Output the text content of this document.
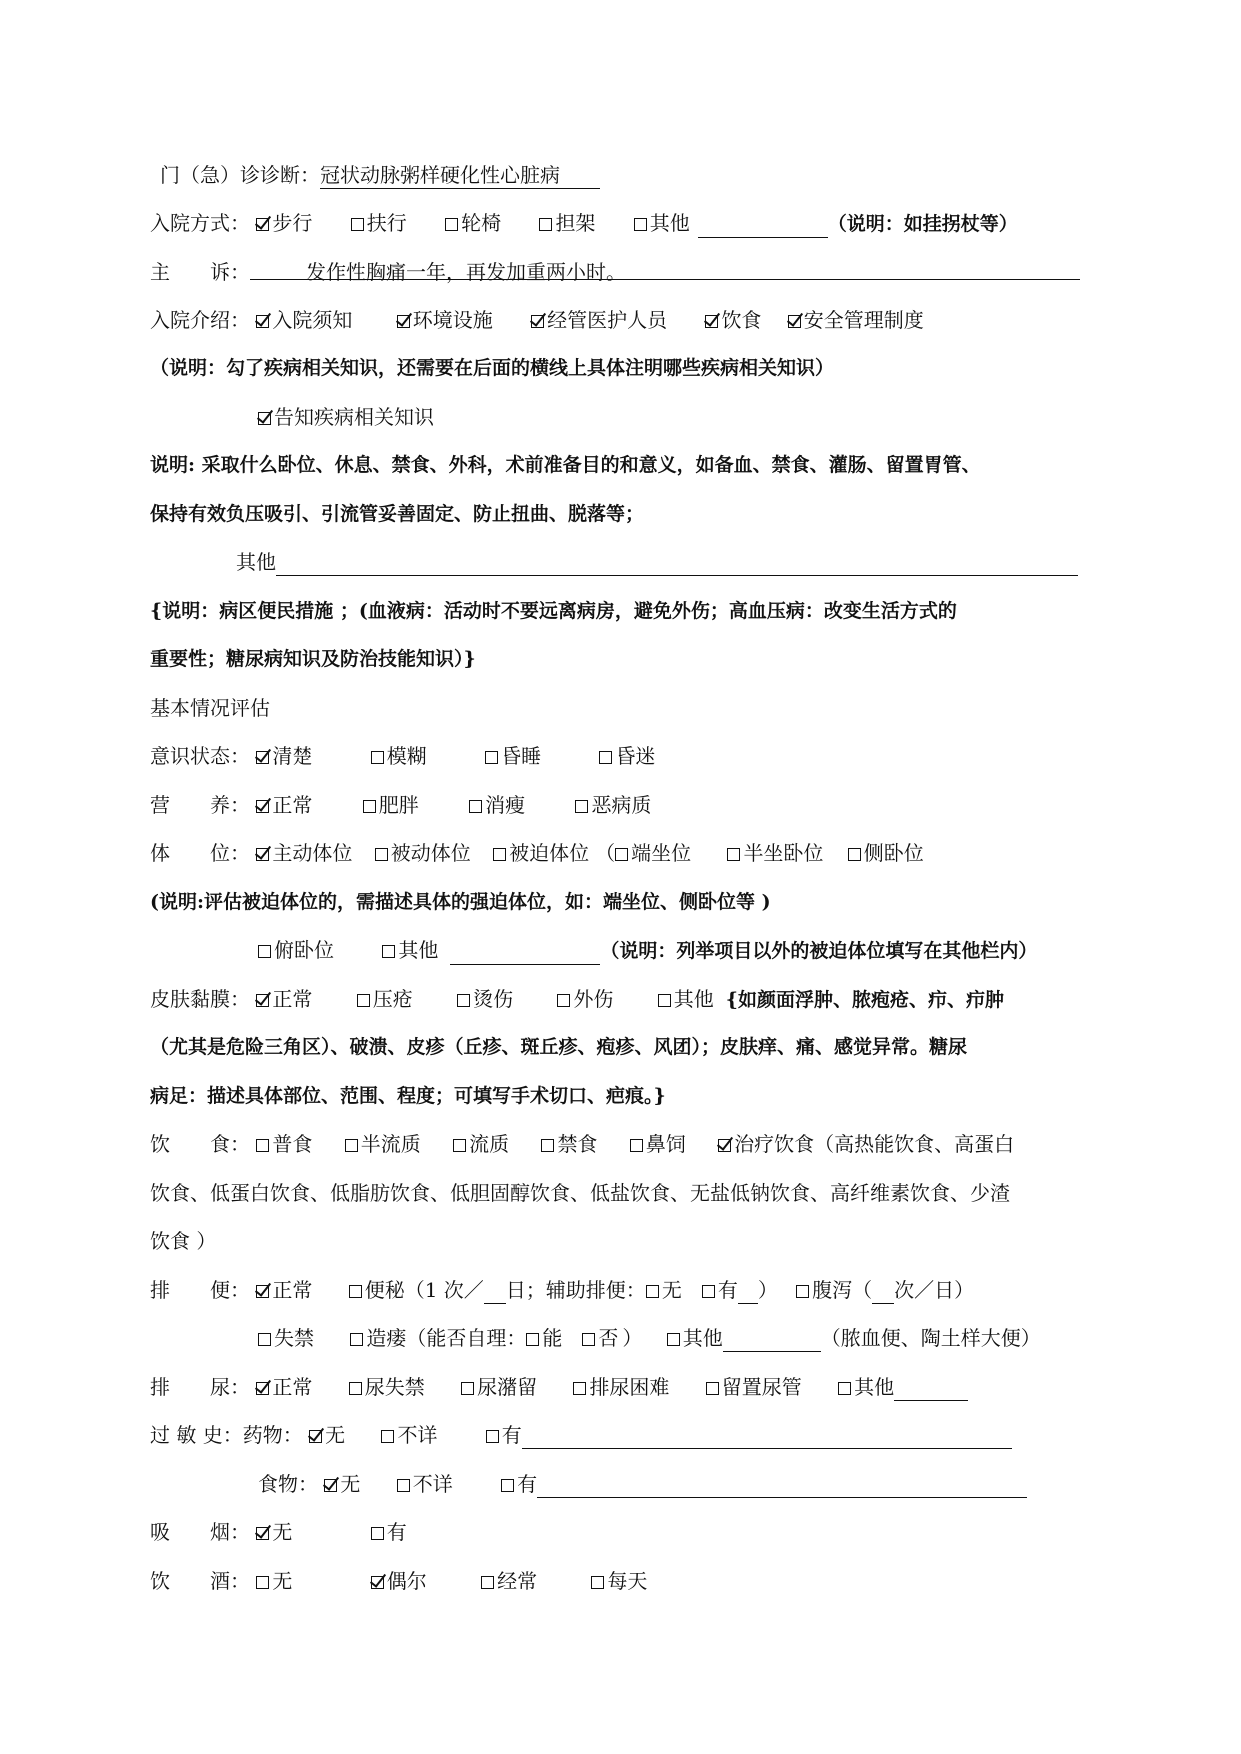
门（急）诊诊断：冠状动脉粥样硬化性心脏病
入院方式： 步行	扶行	轮椅	担架	其他	（说明：如挂拐杖等）
主　　诉：	发作性胸痛一年，再发加重两小时。
入院介绍： 入院须知	环境设施	经管医护人员	饮食 安全管理制度
（说明：勾了疾病相关知识，还需要在后面的横线上具体注明哪些疾病相关知识）
告知疾病相关知识
说明: 采取什么卧位、休息、禁食、外科，术前准备目的和意义，如备血、禁食、灌肠、留置胃管、
保持有效负压吸引、引流管妥善固定、防止扭曲、脱落等；
其他
{说明：病区便民措施 ；(血液病：活动时不要远离病房，避免外伤；高血压病：改变生活方式的
重要性；糖尿病知识及防治技能知识）}
基本情况评估
意识状态： 清楚	模糊	昏睡	昏迷
营　　养： 正常	肥胖	消瘦	恶病质
体　　位： 主动体位 被动体位 被迫体位 （ 端坐位	半坐卧位 侧卧位
(说明:评估被迫体位的，需描述具体的强迫体位，如：端坐位、侧卧位等 )
俯卧位	其他	（说明：列举项目以外的被迫体位填写在其他栏内）
皮肤黏膜： 正常	压疮	烫伤	外伤	其他 {如颜面浮肿、脓疱疮、疖、疖肿
（尤其是危险三角区）、破溃、皮疹（丘疹、斑丘疹、疱疹、风团）；皮肤痒、痛、感觉异常。糖尿
病足：描述具体部位、范围、程度；可填写手术切口、疤痕。}
饮　　食： 普食 半流质 流质 禁食 鼻饲 治疗饮食（高热能饮食、高蛋白
饮食、低蛋白饮食、低脂肪饮食、低胆固醇饮食、低盐饮食、无盐低钠饮食、高纤维素饮食、少渣
饮食 ）
排　　便： 正常	便秘（1 次／ 日；辅助排便： 无 有 ） 腹泻（ 次／日）
失禁	造瘘（能否自理： 能 否 ） 其他	（脓血便、陶土样大便）
排　　尿： 正常	尿失禁	尿潴留	排尿困难	留置尿管	其他
过 敏 史：药物： 无	不详	有
食物： 无	不详	有
吸　　烟： 无	有
饮　　酒： 无	偶尔	经常	每天
